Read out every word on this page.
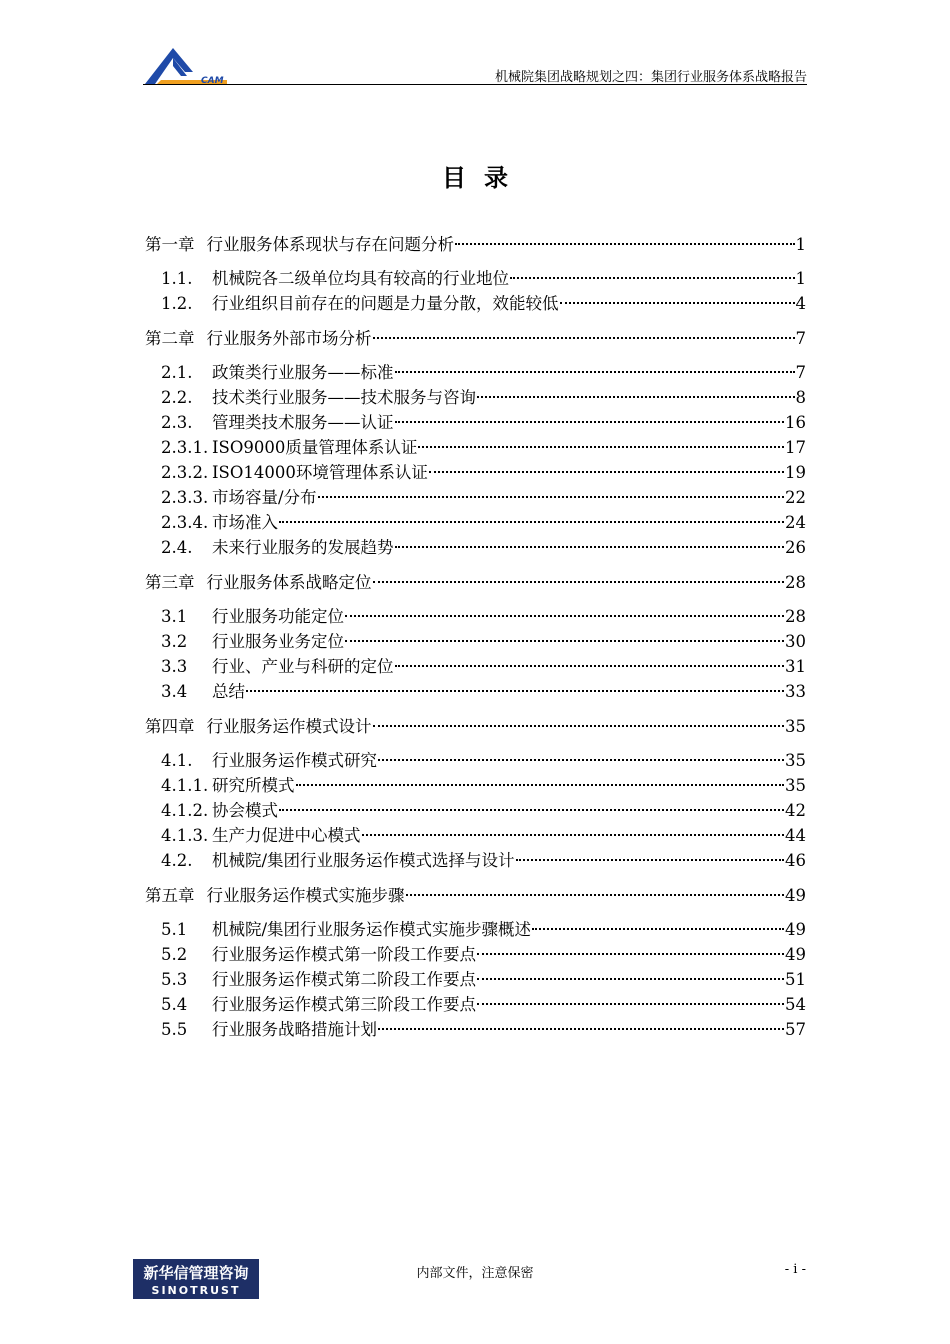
CAM	机械院集团战略规划之四：集团行业服务体系战略报告
目录
第一章 行业服务体系现状与存在问题分析	1
1.1.	机械院各二级单位均具有较高的行业地位	1
1.2.	行业组织目前存在的问题是力量分散，效能较低	4
第二章 行业服务外部市场分析	7
2.1.	政策类行业服务——标准	7
2.2.	技术类行业服务——技术服务与咨询	8
2.3.	管理类技术服务——认证	16
2.3.1. ISO9000质量管理体系认证	17
2.3.2. ISO14000环境管理体系认证	19
2.3.3. 市场容量/分布	22
2.3.4. 市场准入	24
2.4.	未来行业服务的发展趋势	26
第三章 行业服务体系战略定位	28
3.1	行业服务功能定位	28
3.2	行业服务业务定位	30
3.3	行业、产业与科研的定位	31
3.4	总结	33
第四章 行业服务运作模式设计	35
4.1.	行业服务运作模式研究	35
4.1.1. 研究所模式	35
4.1.2. 协会模式	42
4.1.3. 生产力促进中心模式	44
4.2.	机械院/集团行业服务运作模式选择与设计	46
第五章 行业服务运作模式实施步骤	49
5.1	机械院/集团行业服务运作模式实施步骤概述	49
5.2	行业服务运作模式第一阶段工作要点	49
5.3	行业服务运作模式第二阶段工作要点	51
5.4	行业服务运作模式第三阶段工作要点	54
5.5	行业服务战略措施计划	57
新华信管理咨询
SINOTRUST
内部文件，注意保密	- i -
